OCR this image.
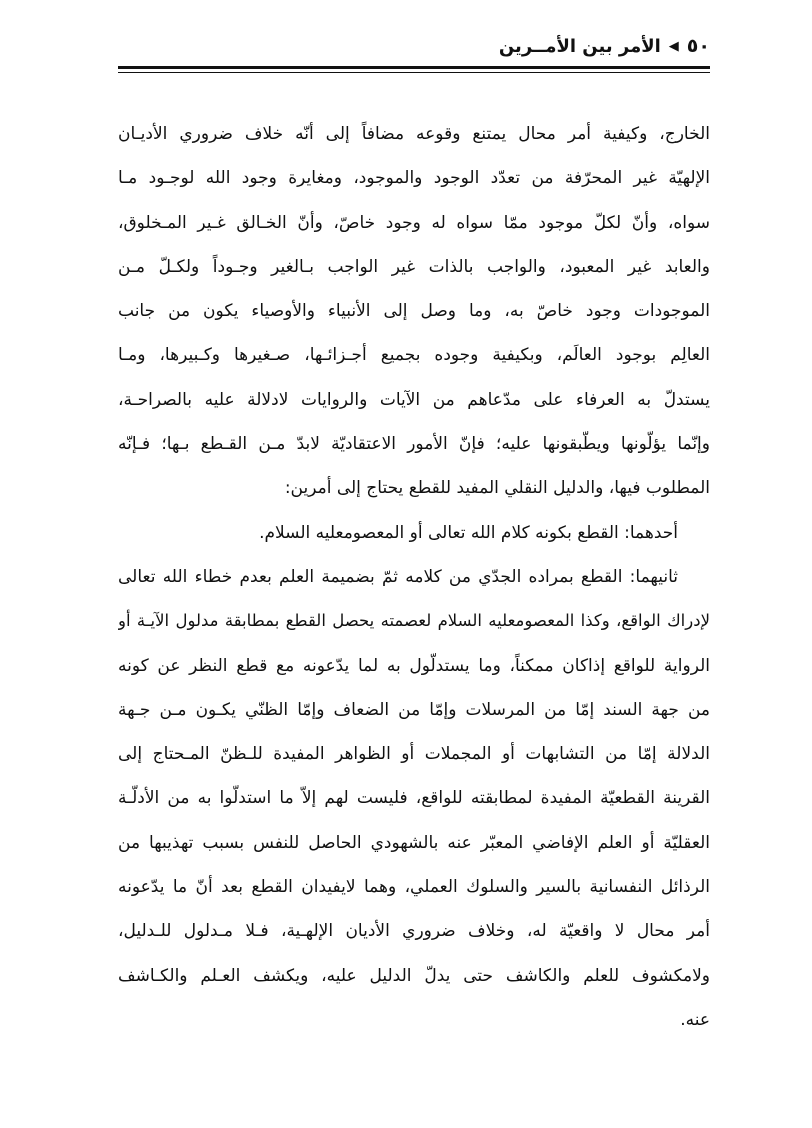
٥٠
◀
الأمر بين الأمــرين
الخارج، وكيفية أمر محال يمتنع وقوعه مضافاً إلى أنّه خلاف ضروري الأديـان
الإلهيّة غير المحرّفة من تعدّد الوجود والموجود، ومغايرة وجود الله لوجـود مـا
سواه، وأنّ لكلّ موجود ممّا سواه له وجود خاصّ، وأنّ الخـالق غـير المـخلوق،
والعابد غير المعبود، والواجب بالذات غير الواجب بـالغير وجـوداً ولكـلّ مـن
الموجودات وجود خاصّ به، وما وصل إلى الأنبياء والأوصياء يكون من جانب
العالِم بوجود العالَم، وبكيفية وجوده بجميع أجـزائـها، صـغيرها وكـبيرها، ومـا
يستدلّ به العرفاء على مدّعاهم من الآيات والروايات لادلالة عليه بالصراحـة،
وإنّما يؤلّونها ويطّبقونها عليه؛ فإنّ الأمور الاعتقاديّة لابدّ مـن القـطع بـها؛ فـإنّه
المطلوب فيها، والدليل النقلي المفيد للقطع يحتاج إلى أمرين:
أحدهما: القطع بكونه كلام الله تعالى أو المعصومعليه السلام.
ثانيهما: القطع بمراده الجدّي من كلامه ثمّ بضميمة العلم بعدم خطاء الله تعالى
لإدراك الواقع، وكذا المعصومعليه السلام لعصمته يحصل القطع بمطابقة مدلول الآيـة أو
الرواية للواقع إذاكان ممكناً، وما يستدلّول به لما يدّعونه مع قطع النظر عن كونه
من جهة السند إمّا من المرسلات وإمّا من الضعاف وإمّا الظنّي يكـون مـن جـهة
الدلالة إمّا من التشابهات أو المجملات أو الظواهر المفيدة للـظنّ المـحتاج إلى
القرينة القطعيّة المفيدة لمطابقته للواقع، فليست لهم إلاّ ما استدلّوا به من الأدلّـة
العقليّة أو العلم الإفاضي المعبّر عنه بالشهودي الحاصل للنفس بسبب تهذيبها من
الرذائل النفسانية بالسير والسلوك العملي، وهما لايفيدان القطع بعد أنّ ما يدّعونه
أمر محال لا واقعيّة له، وخلاف ضروري الأديان الإلهـية، فـلا مـدلول للـدليل،
ولامكشوف للعلم والكاشف حتى يدلّ الدليل عليه، ويكشف العـلم والكـاشف
عنه.
